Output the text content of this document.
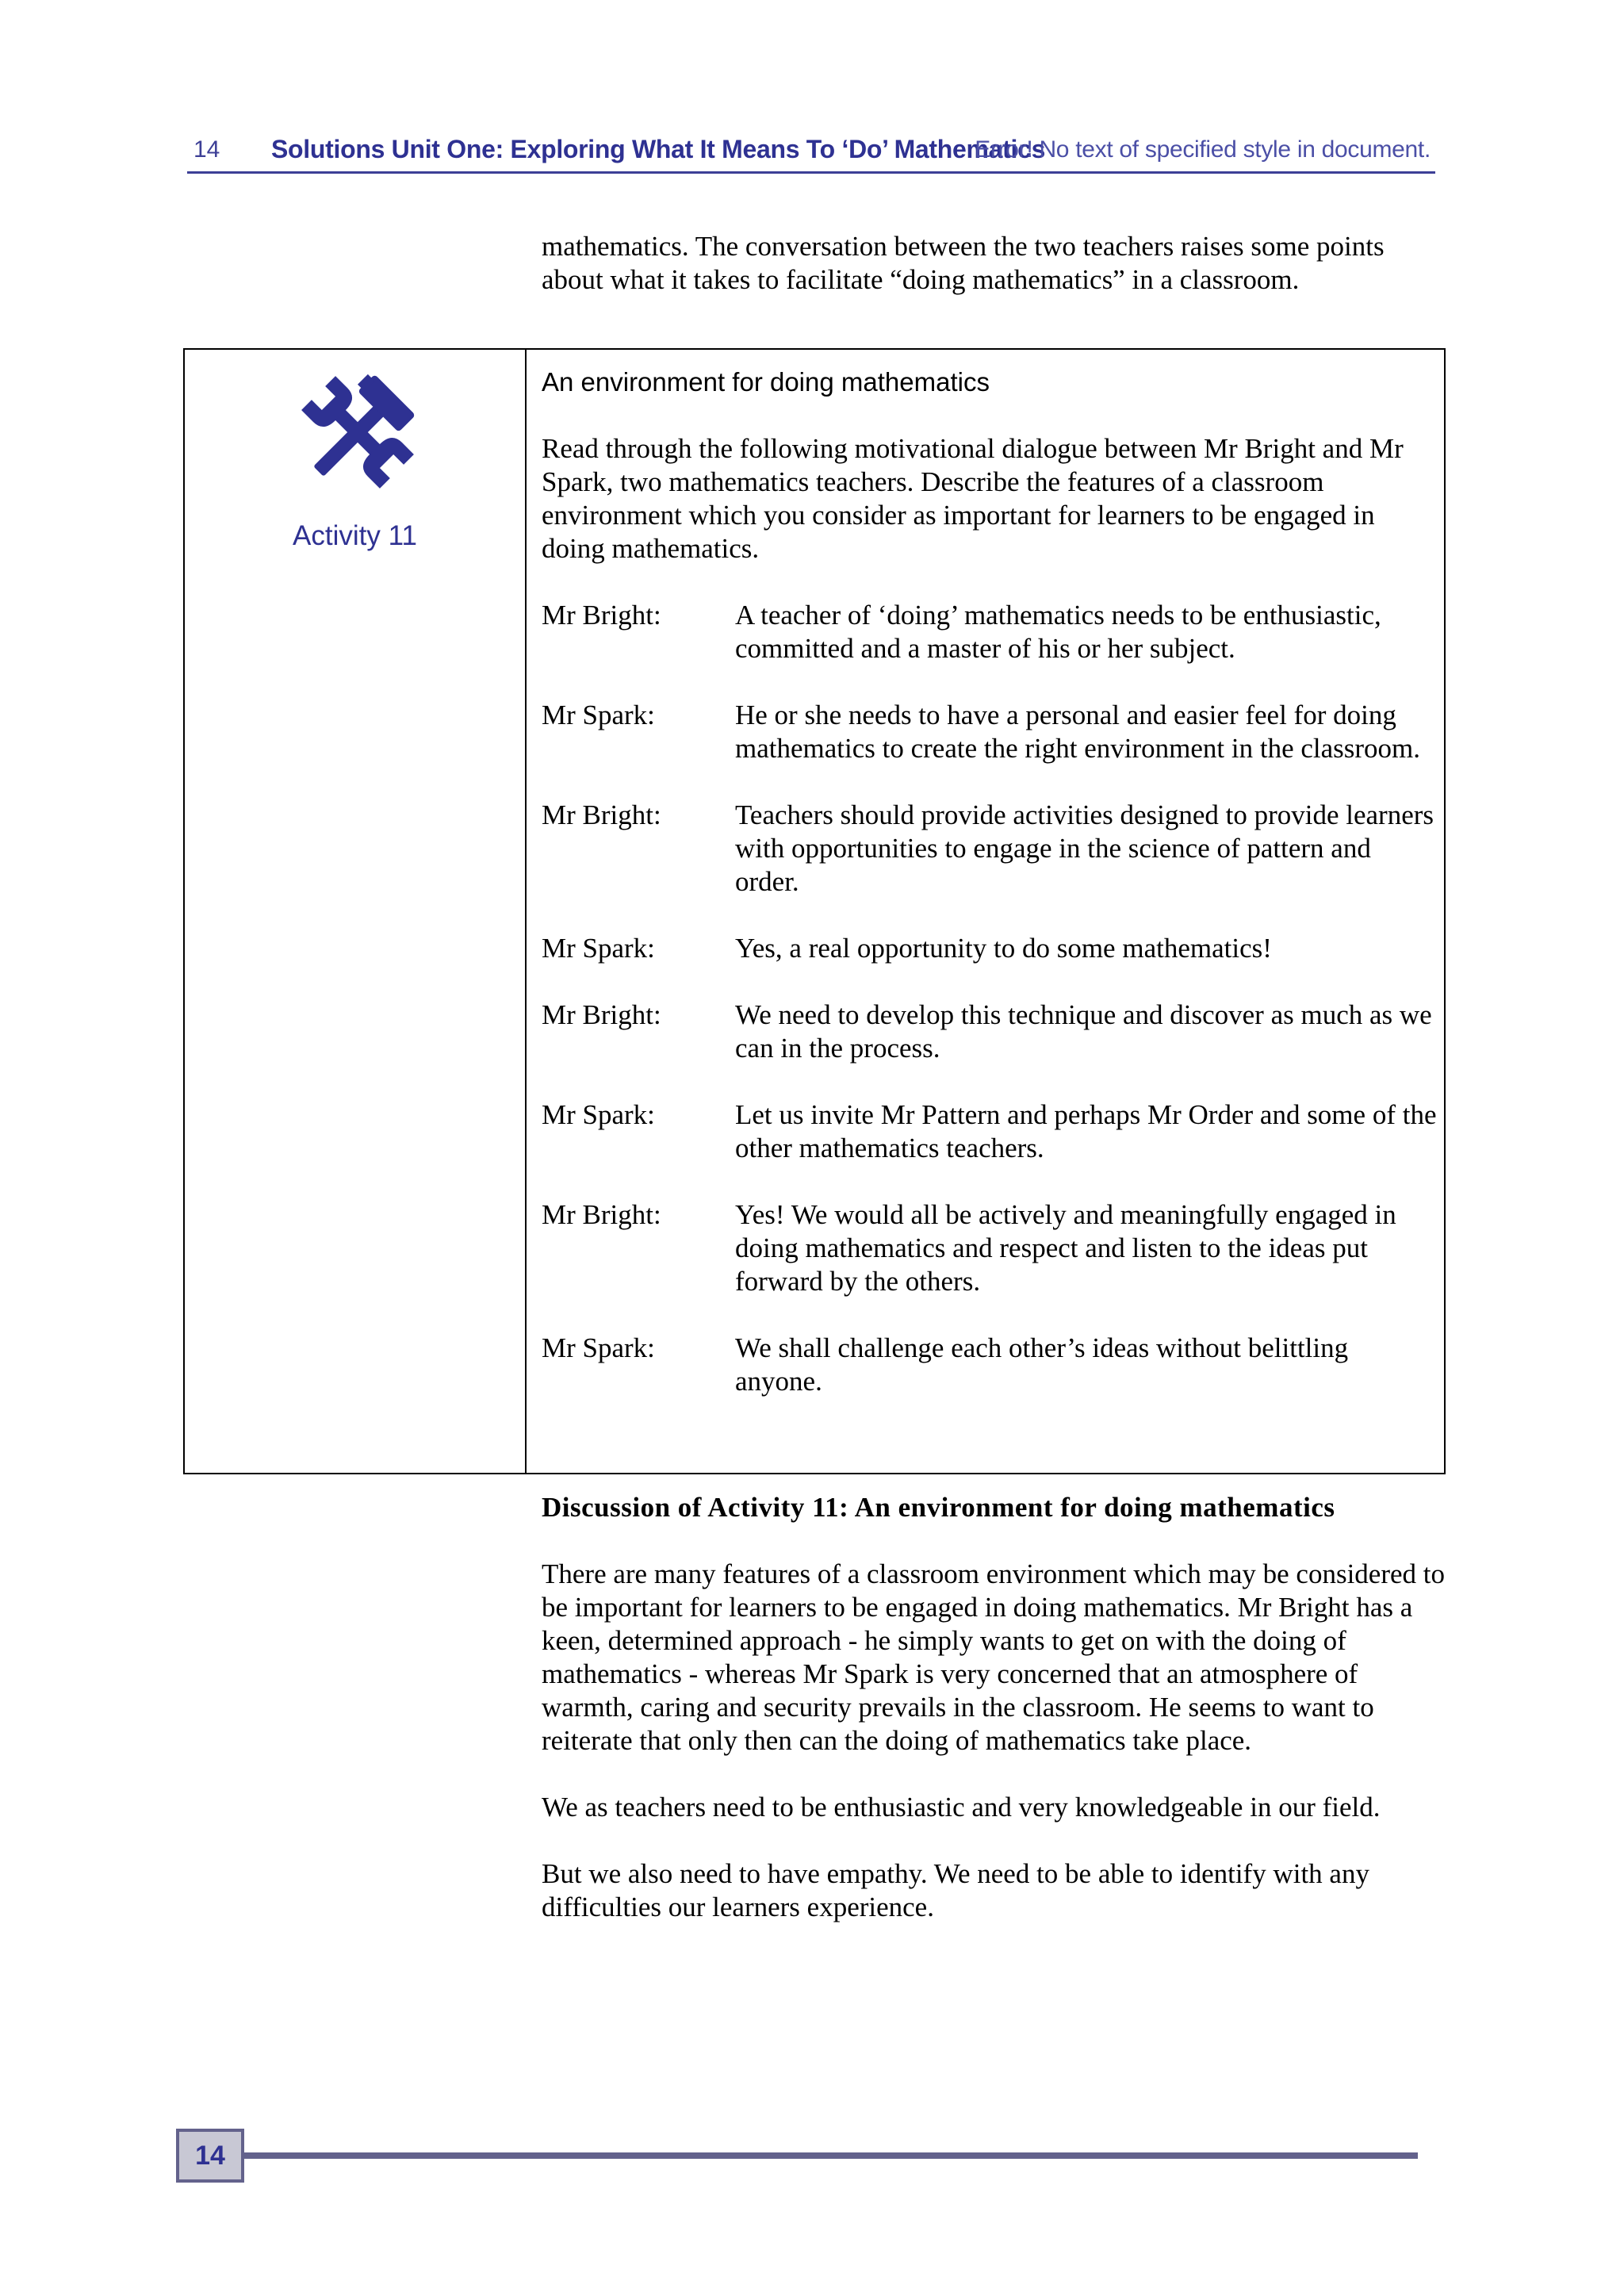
14 Solutions Unit One: Exploring What It Means To ‘Do’ Mathematics
Error! No text of specified style in document.
mathematics. The conversation between the two teachers raises some points about what it takes to facilitate “doing mathematics” in a classroom.
Activity 11
An environment for doing mathematics
Read through the following motivational dialogue between Mr Bright and Mr Spark, two mathematics teachers. Describe the features of a classroom environment which you consider as important for learners to be engaged in doing mathematics.
Mr Bright:	A teacher of ‘doing’ mathematics needs to be enthusiastic, committed and a master of his or her subject.
Mr Spark:	He or she needs to have a personal and easier feel for doing mathematics to create the right environment in the classroom.
Mr Bright:	Teachers should provide activities designed to provide learners with opportunities to engage in the science of pattern and order.
Mr Spark:	Yes, a real opportunity to do some mathematics!
Mr Bright:	We need to develop this technique and discover as much as we can in the process.
Mr Spark:	Let us invite Mr Pattern and perhaps Mr Order and some of the other mathematics teachers.
Mr Bright:	Yes! We would all be actively and meaningfully engaged in doing mathematics and respect and listen to the ideas put forward by the others.
Mr Spark:	We shall challenge each other’s ideas without belittling anyone.
Discussion of Activity 11: An environment for doing mathematics

There are many features of a classroom environment which may be considered to be important for learners to be engaged in doing mathematics. Mr Bright has a keen, determined approach - he simply wants to get on with the doing of mathematics - whereas Mr Spark is very concerned that an atmosphere of warmth, caring and security prevails in the classroom. He seems to want to reiterate that only then can the doing of mathematics take place.

We as teachers need to be enthusiastic and very knowledgeable in our field.

But we also need to have empathy. We need to be able to identify with any difficulties our learners experience.

14
